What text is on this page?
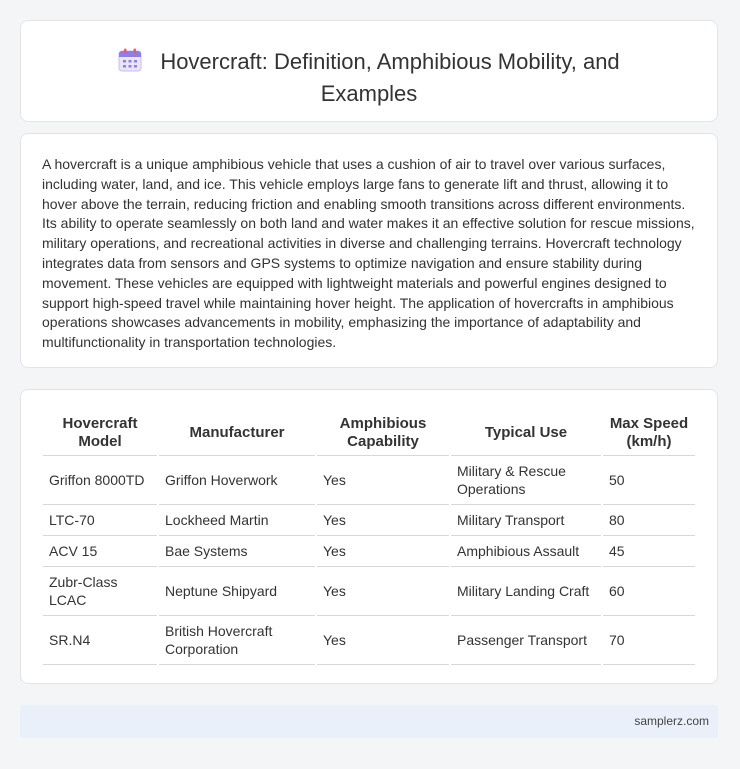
Hovercraft: Definition, Amphibious Mobility, and
Examples

A hovercraft is a unique amphibious vehicle that uses a cushion of air to travel over various surfaces, including water, land, and ice. This vehicle employs large fans to generate lift and thrust, allowing it to hover above the terrain, reducing friction and enabling smooth transitions across different environments. Its ability to operate seamlessly on both land and water makes it an effective solution for rescue missions, military operations, and recreational activities in diverse and challenging terrains. Hovercraft technology integrates data from sensors and GPS systems to optimize navigation and ensure stability during movement. These vehicles are equipped with lightweight materials and powerful engines designed to support high-speed travel while maintaining hover height. The application of hovercrafts in amphibious operations showcases advancements in mobility, emphasizing the importance of adaptability and multifunctionality in transportation technologies.

Hovercraft Model	Manufacturer	Amphibious Capability	Typical Use	Max Speed (km/h)
Griffon 8000TD	Griffon Hoverwork	Yes	Military & Rescue Operations	50
LTC-70	Lockheed Martin	Yes	Military Transport	80
ACV 15	Bae Systems	Yes	Amphibious Assault	45
Zubr-Class LCAC	Neptune Shipyard	Yes	Military Landing Craft	60
SR.N4	British Hovercraft Corporation	Yes	Passenger Transport	70
samplerz.com
